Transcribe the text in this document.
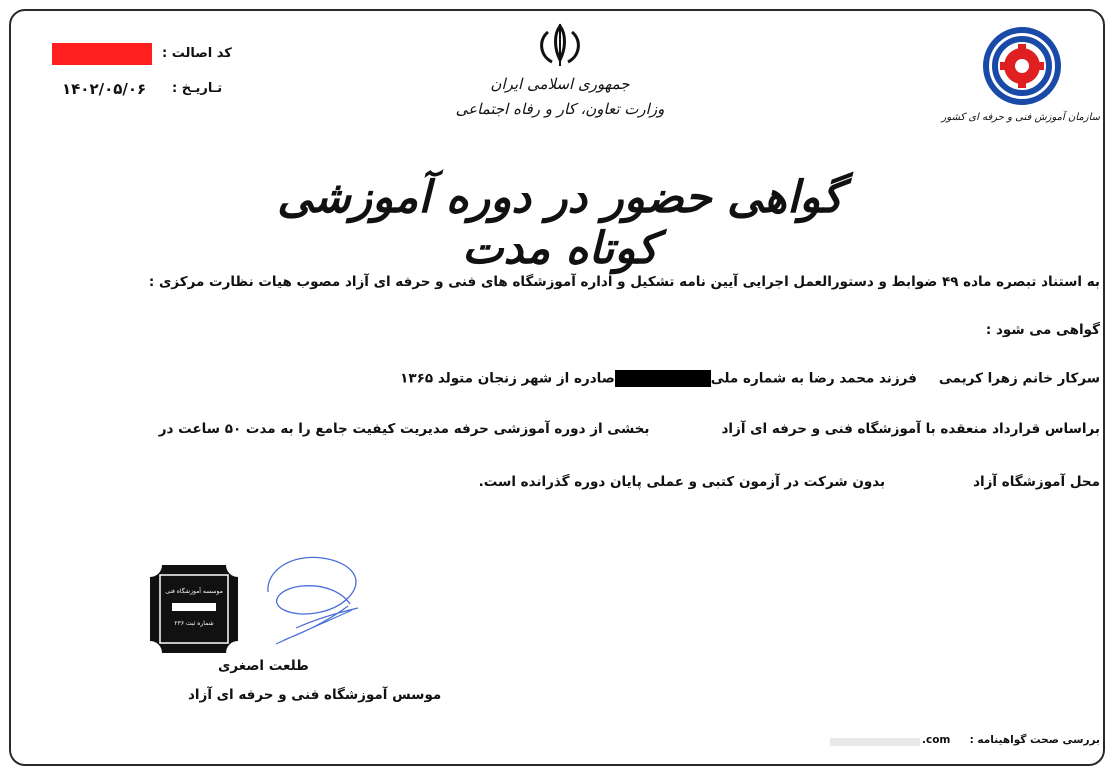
کد اصالت :
۱۴۰۲/۰۵/۰۶ تـاریـخ :	جمهوری اسلامی ایران
وزارت تعاون، کار و رفاه اجتماعی	سازمان آموزش فنی و حرفه ای کشور
گواهی حضور در دوره آموزشی کوتاه مدت
به استناد تبصره ماده ۴۹ ضوابط و دستورالعمل اجرایی آیین نامه تشکیل و اداره آموزشگاه های فنی و حرفه ای آزاد مصوب هیات نظارت مرکزی :
گواهی می شود :
سرکار خانم زهرا کریمیفرزند محمد رضا به شماره ملیصادره از شهر زنجان متولد ۱۳۶۵
براساس قرارداد منعقده با آموزشگاه فنی و حرفه ای آزادبخشی از دوره آموزشی حرفه مدیریت کیفیت جامع را به مدت ۵۰ ساعت در
محل آموزشگاه آزادبدون شرکت در آزمون کتبی و عملی پایان دوره گذرانده است.
موسسه آموزشگاه فنی
شماره ثبت ۲۳۶
طلعت اصغری
موسس آموزشگاه فنی و حرفه ای آزاد
بررسی صحت گواهینامه :
.com
